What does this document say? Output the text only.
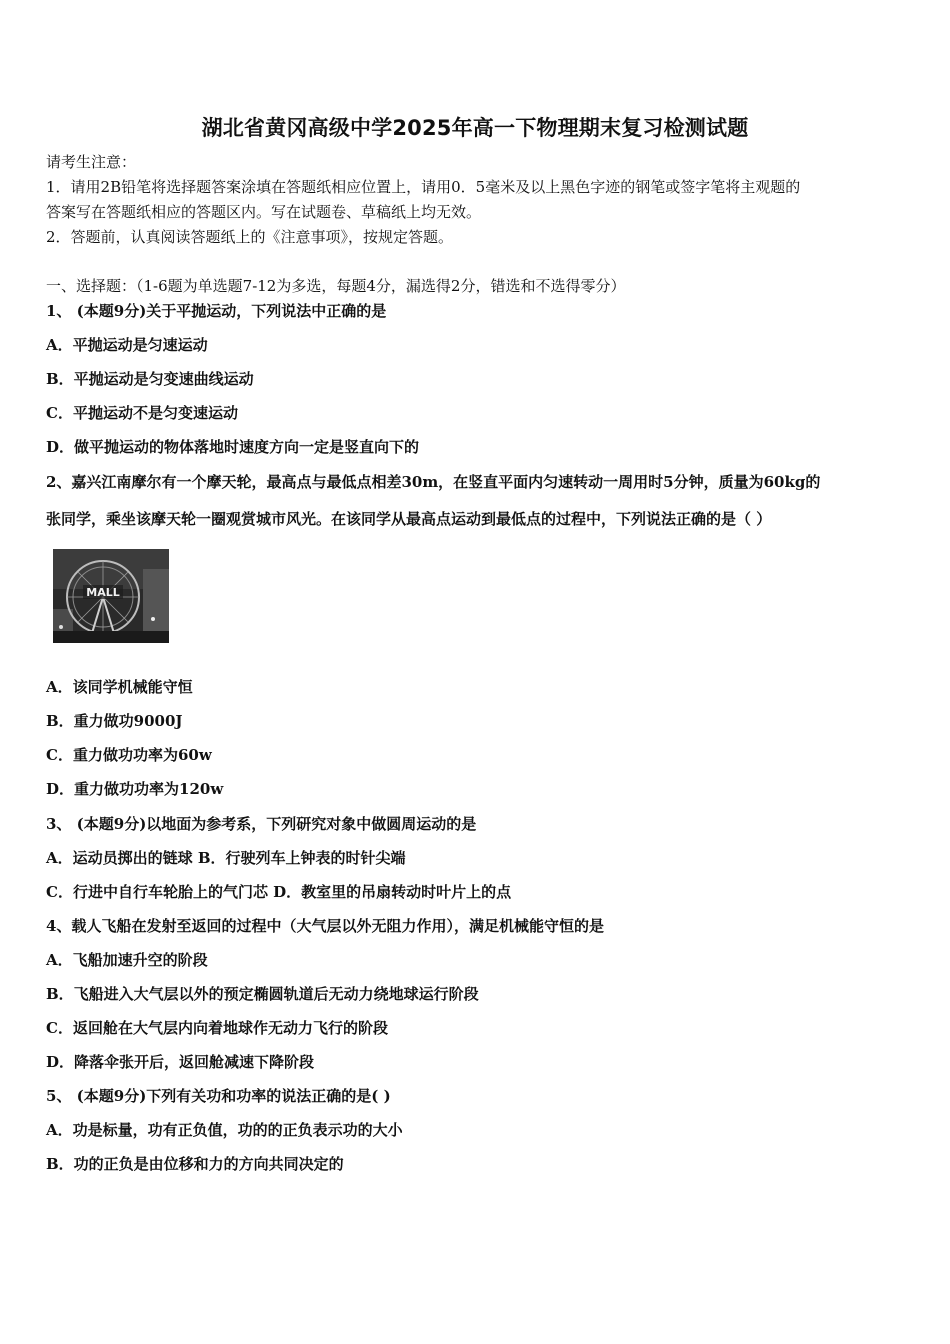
湖北省黄冈高级中学2025年高一下物理期末复习检测试题
请考生注意：
1．请用2B铅笔将选择题答案涂填在答题纸相应位置上，请用0．5毫米及以上黑色字迹的钢笔或签字笔将主观题的
答案写在答题纸相应的答题区内。写在试题卷、草稿纸上均无效。
2．答题前，认真阅读答题纸上的《注意事项》，按规定答题。
一、选择题：（1-6题为单选题7-12为多选，每题4分，漏选得2分，错选和不选得零分）
1、 (本题9分)关于平抛运动，下列说法中正确的是
A．平抛运动是匀速运动
B．平抛运动是匀变速曲线运动
C．平抛运动不是匀变速运动
D．做平抛运动的物体落地时速度方向一定是竖直向下的
2、嘉兴江南摩尔有一个摩天轮，最高点与最低点相差30m，在竖直平面内匀速转动一周用时5分钟，质量为60kg的
张同学，乘坐该摩天轮一圈观赏城市风光。在该同学从最高点运动到最低点的过程中，下列说法正确的是（ ）
MALL
A．该同学机械能守恒
B．重力做功9000J
C．重力做功功率为60w
D．重力做功功率为120w
3、 (本题9分)以地面为参考系，下列研究对象中做圆周运动的是
A．运动员掷出的链球 B．行驶列车上钟表的时针尖端
C．行进中自行车轮胎上的气门芯 D．教室里的吊扇转动时叶片上的点
4、载人飞船在发射至返回的过程中（大气层以外无阻力作用），满足机械能守恒的是
A．飞船加速升空的阶段
B．飞船进入大气层以外的预定椭圆轨道后无动力绕地球运行阶段
C．返回舱在大气层内向着地球作无动力飞行的阶段
D．降落伞张开后，返回舱减速下降阶段
5、 (本题9分)下列有关功和功率的说法正确的是( )
A．功是标量，功有正负值，功的的正负表示功的大小
B．功的正负是由位移和力的方向共同决定的
